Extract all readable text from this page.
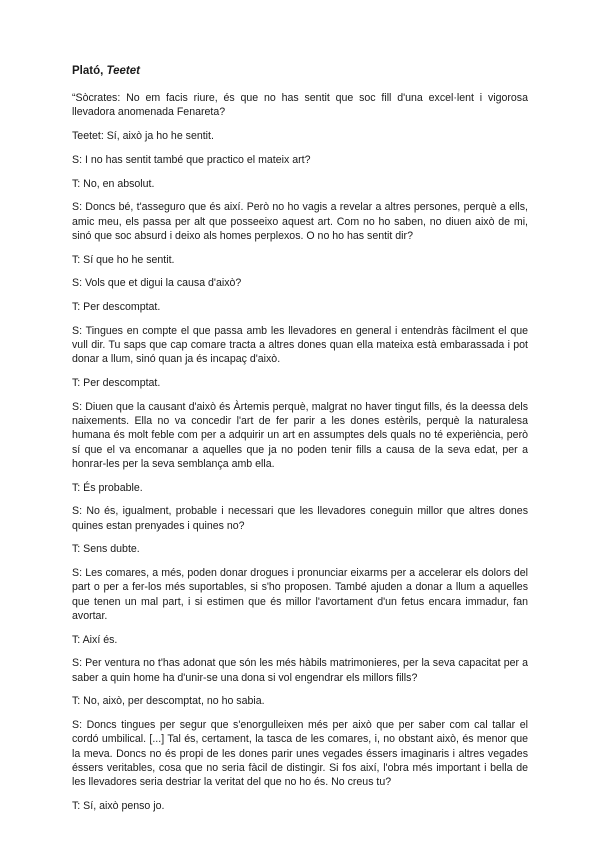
Plató, Teetet

“Sòcrates: No em facis riure, és que no has sentit que soc fill d'una excel·lent i vigorosa llevadora anomenada Fenareta?

Teetet: Sí, això ja ho he sentit.

S: I no has sentit també que practico el mateix art?

T: No, en absolut.

S: Doncs bé, t'asseguro que és així. Però no ho vagis a revelar a altres persones, perquè a ells, amic meu, els passa per alt que posseeixo aquest art. Com no ho saben, no diuen això de mi, sinó que soc absurd i deixo als homes perplexos. O no ho has sentit dir?

T: Sí que ho he sentit.

S: Vols que et digui la causa d'això?

T: Per descomptat.

S: Tingues en compte el que passa amb les llevadores en general i entendràs fàcilment el que vull dir. Tu saps que cap comare tracta a altres dones quan ella mateixa està embarassada i pot donar a llum, sinó quan ja és incapaç d'això.

T: Per descomptat.

S: Diuen que la causant d'això és Àrtemis perquè, malgrat no haver tingut fills, és la deessa dels naixements. Ella no va concedir l'art de fer parir a les dones estèrils, perquè la naturalesa humana és molt feble com per a adquirir un art en assumptes dels quals no té experiència, però sí que el va encomanar a aquelles que ja no poden tenir fills a causa de la seva edat, per a honrar-les per la seva semblança amb ella.

T: És probable.

S: No és, igualment, probable i necessari que les llevadores coneguin millor que altres dones quines estan prenyades i quines no?

T: Sens dubte.

S: Les comares, a més, poden donar drogues i pronunciar eixarms per a accelerar els dolors del part o per a fer-los més suportables, si s'ho proposen. També ajuden a donar a llum a aquelles que tenen un mal part, i si estimen que és millor l'avortament d'un fetus encara immadur, fan avortar.

T: Així és.

S: Per ventura no t'has adonat que són les més hàbils matrimonieres, per la seva capacitat per a saber a quin home ha d'unir-se una dona si vol engendrar els millors fills?

T: No, això, per descomptat, no ho sabia.

S: Doncs tingues per segur que s'enorgulleixen més per això que per saber com cal tallar el cordó umbilical. [...] Tal és, certament, la tasca de les comares, i, no obstant això, és menor que la meva. Doncs no és propi de les dones parir unes vegades éssers imaginaris i altres vegades éssers veritables, cosa que no seria fàcil de distingir. Si fos així, l'obra més important i bella de les llevadores seria destriar la veritat del que no ho és. No creus tu?

T: Sí, això penso jo.
